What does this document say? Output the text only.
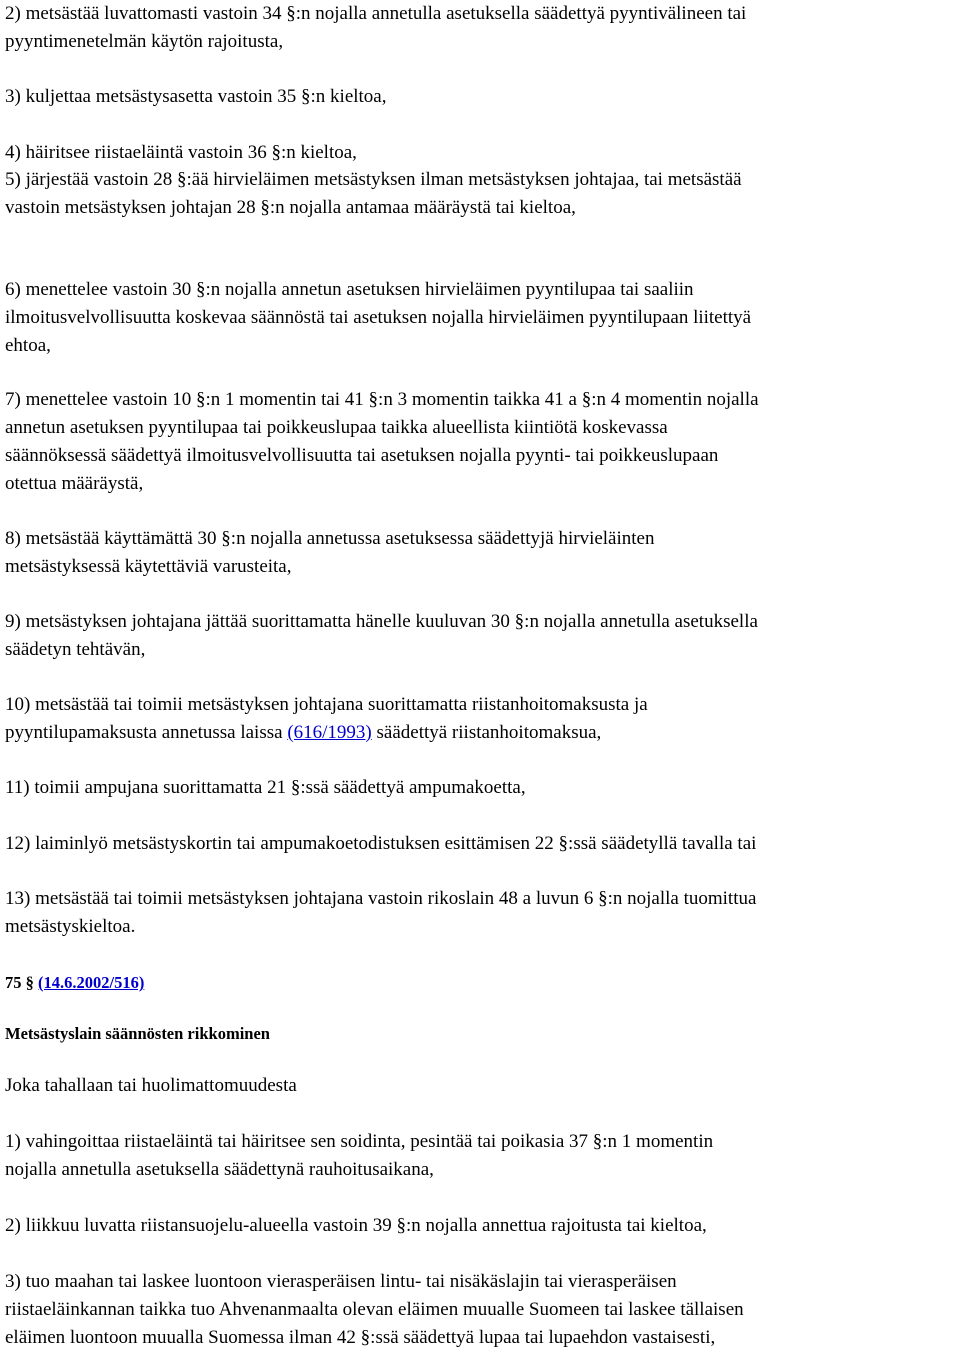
2) metsästää luvattomasti vastoin 34 §:n nojalla annetulla asetuksella säädettyä pyyntivälineen tai

pyyntimenetelmän käytön rajoitusta,

3) kuljettaa metsästysasetta vastoin 35 §:n kieltoa,

4) häiritsee riistaeläintä vastoin 36 §:n kieltoa,

5) järjestää vastoin 28 §:ää hirvieläimen metsästyksen ilman metsästyksen johtajaa, tai metsästää

vastoin metsästyksen johtajan 28 §:n nojalla antamaa määräystä tai kieltoa,

6) menettelee vastoin 30 §:n nojalla annetun asetuksen hirvieläimen pyyntilupaa tai saaliin

ilmoitusvelvollisuutta koskevaa säännöstä tai asetuksen nojalla hirvieläimen pyyntilupaan liitettyä

ehtoa,

7) menettelee vastoin 10 §:n 1 momentin tai 41 §:n 3 momentin taikka 41 a §:n 4 momentin nojalla

annetun asetuksen pyyntilupaa tai poikkeuslupaa taikka alueellista kiintiötä koskevassa

säännöksessä säädettyä ilmoitusvelvollisuutta tai asetuksen nojalla pyynti- tai poikkeuslupaan

otettua määräystä,

8) metsästää käyttämättä 30 §:n nojalla annetussa asetuksessa säädettyjä hirvieläinten

metsästyksessä käytettäviä varusteita,

9) metsästyksen johtajana jättää suorittamatta hänelle kuuluvan 30 §:n nojalla annetulla asetuksella

säädetyn tehtävän,

10) metsästää tai toimii metsästyksen johtajana suorittamatta riistanhoitomaksusta ja

pyyntilupamaksusta annetussa laissa (616/1993) säädettyä riistanhoitomaksua,

11) toimii ampujana suorittamatta 21 §:ssä säädettyä ampumakoetta,

12) laiminlyö metsästyskortin tai ampumakoetodistuksen esittämisen 22 §:ssä säädetyllä tavalla tai

13) metsästää tai toimii metsästyksen johtajana vastoin rikoslain 48 a luvun 6 §:n nojalla tuomittua

metsästyskieltoa.

75 § (14.6.2002/516)

Metsästyslain säännösten rikkominen

Joka tahallaan tai huolimattomuudesta

1) vahingoittaa riistaeläintä tai häiritsee sen soidinta, pesintää tai poikasia 37 §:n 1 momentin

nojalla annetulla asetuksella säädettynä rauhoitusaikana,

2) liikkuu luvatta riistansuojelu-alueella vastoin 39 §:n nojalla annettua rajoitusta tai kieltoa,

3) tuo maahan tai laskee luontoon vierasperäisen lintu- tai nisäkäslajin tai vierasperäisen

riistaeläinkannan taikka tuo Ahvenanmaalta olevan eläimen muualle Suomeen tai laskee tällaisen

eläimen luontoon muualla Suomessa ilman 42 §:ssä säädettyä lupaa tai lupaehdon vastaisesti,
